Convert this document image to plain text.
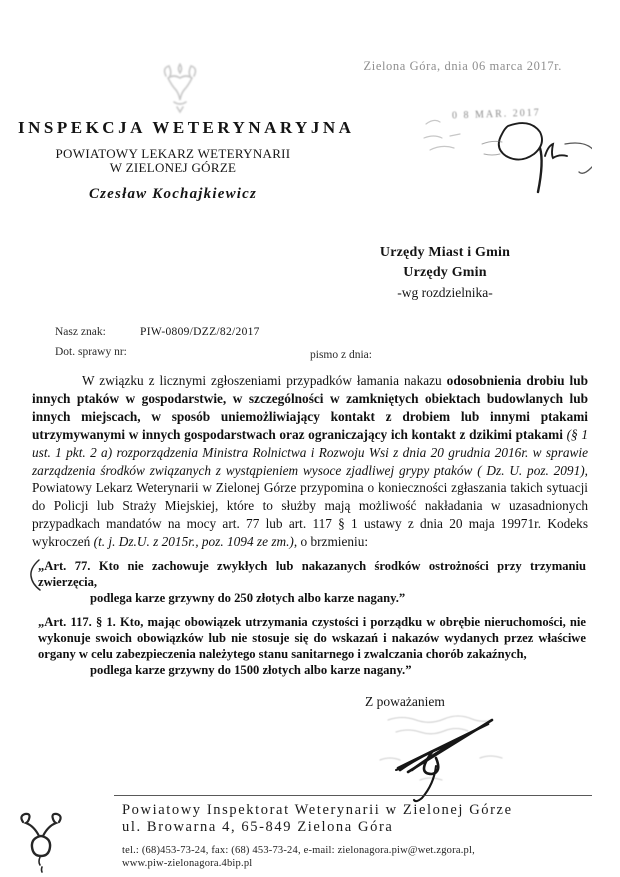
Zielona Góra, dnia 06 marca 2017r.
INSPEKCJA WETERYNARYJNA
POWIATOWY LEKARZ WETERYNARII
W ZIELONEJ GÓRZE
Czesław Kochajkiewicz
0 8 MAR. 2017
Urzędy Miast i Gmin
Urzędy Gmin
-wg rozdzielnika-
Nasz znak:	PIW-0809/DZZ/82/2017
Dot. sprawy nr:	pismo z dnia:
W związku z licznymi zgłoszeniami przypadków łamania nakazu odosobnienia drobiu lub innych ptaków w gospodarstwie, w szczególności w zamkniętych obiektach budowlanych lub innych miejscach, w sposób uniemożliwiający kontakt z drobiem lub innymi ptakami utrzymywanymi w innych gospodarstwach oraz ograniczający ich kontakt z dzikimi ptakami (§ 1 ust. 1 pkt. 2 a) rozporządzenia Ministra Rolnictwa i Rozwoju Wsi z dnia 20 grudnia 2016r. w sprawie zarządzenia środków związanych z wystąpieniem wysoce zjadliwej grypy ptaków ( Dz. U. poz. 2091), Powiatowy Lekarz Weterynarii w Zielonej Górze przypomina o konieczności zgłaszania takich sytuacji do Policji lub Straży Miejskiej, które to służby mają możliwość nakładania w uzasadnionych przypadkach mandatów na mocy art. 77 lub art. 117 § 1 ustawy z dnia 20 maja 19971r. Kodeks wykroczeń (t. j. Dz.U. z 2015r., poz. 1094 ze zm.), o brzmieniu:
„Art. 77. Kto nie zachowuje zwykłych lub nakazanych środków ostrożności przy trzymaniu zwierzęcia,
podlega karze grzywny do 250 złotych albo karze nagany.”
„Art. 117. § 1. Kto, mając obowiązek utrzymania czystości i porządku w obrębie nieruchomości, nie wykonuje swoich obowiązków lub nie stosuje się do wskazań i nakazów wydanych przez właściwe organy w celu zabezpieczenia należytego stanu sanitarnego i zwalczania chorób zakaźnych,
podlega karze grzywny do 1500 złotych albo karze nagany.”
Z poważaniem
Powiatowy Inspektorat Weterynarii w Zielonej Górze
ul. Browarna 4, 65-849 Zielona Góra
tel.: (68)453-73-24, fax: (68) 453-73-24, e-mail: zielonagora.piw@wet.zgora.pl,
www.piw-zielonagora.4bip.pl
